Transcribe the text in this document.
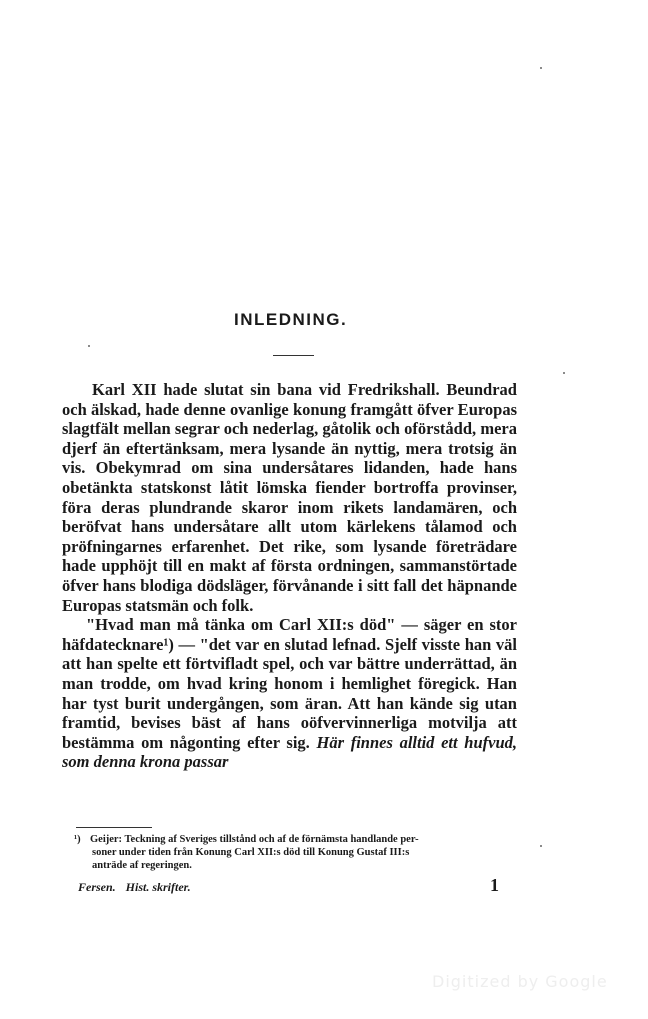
INLEDNING.

Karl XII hade slutat sin bana vid Fredrikshall. Beundrad och älskad, hade denne ovanlige konung framgått öfver Europas slagtfält mellan segrar och nederlag, gåtolik och oförstådd, mera djerf än eftertänksam, mera lysande än nyttig, mera trotsig än vis. Obekymrad om sina undersåtares lidanden, hade hans obetänkta statskonst låtit lömska fiender bortroffa provinser, föra deras plundrande skaror inom rikets landamären, och beröfvat hans undersåtare allt utom kärlekens tålamod och pröfningarnes erfarenhet. Det rike, som lysande företrädare hade upphöjt till en makt af första ordningen, sammanstörtade öfver hans blodiga dödsläger, förvånande i sitt fall det häpnande Europas statsmän och folk.

"Hvad man må tänka om Carl XII:s död" — säger en stor häfdatecknare¹) — "det var en slutad lefnad. Sjelf visste han väl att han spelte ett förtvifladt spel, och var bättre underrättad, än man trodde, om hvad kring honom i hemlighet föregick. Han har tyst burit undergången, som äran. Att han kände sig utan framtid, bevises bäst af hans oöfvervinnerliga motvilja att bestämma om någonting efter sig. Här finnes alltid ett hufvud, som denna krona passar

¹) Geijer: Teckning af Sveriges tillstånd och af de förnämsta handlande per-
soner under tiden från Konung Carl XII:s död till Konung Gustaf III:s
anträde af regeringen.
Fersen. Hist. skrifter.	1
Digitized by Google
